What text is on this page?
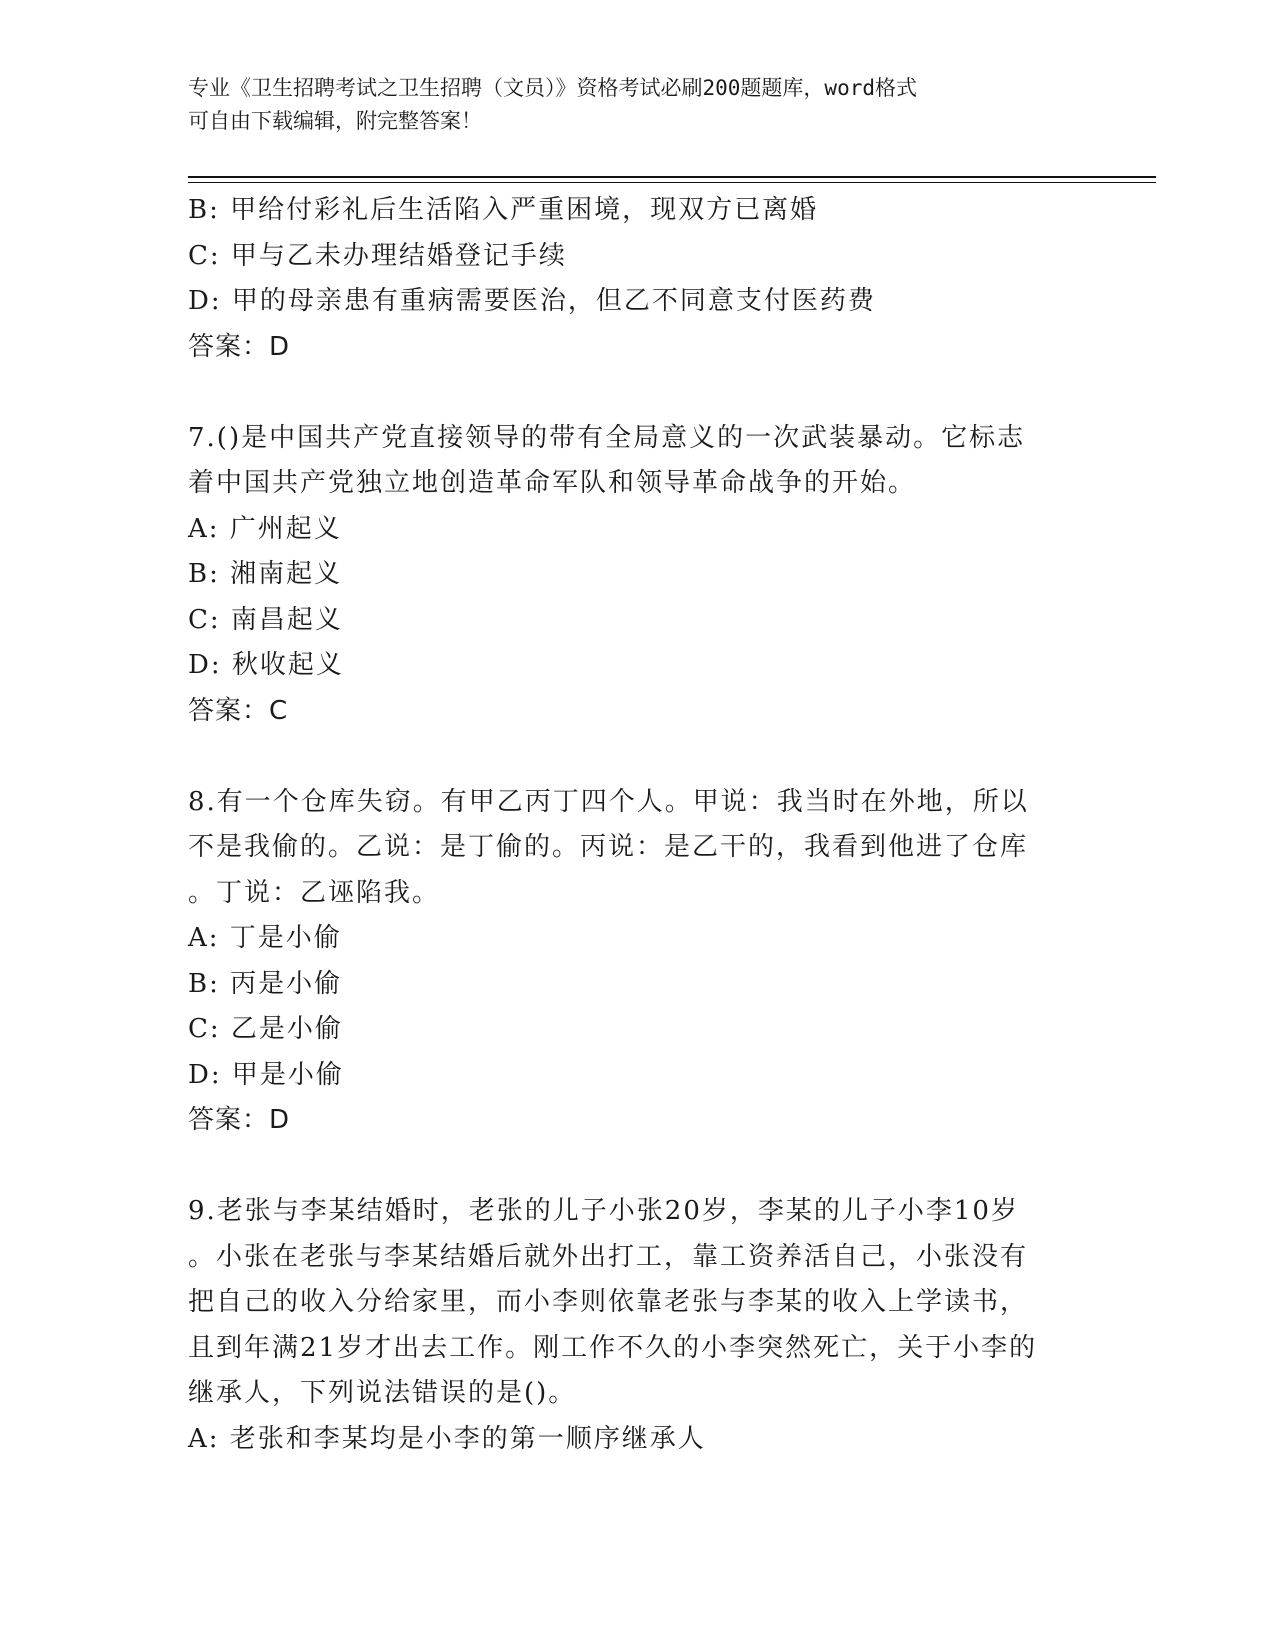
专业《卫生招聘考试之卫生招聘（文员）》资格考试必刷200题题库，word格式
可自由下载编辑，附完整答案！
B: 甲给付彩礼后生活陷入严重困境，现双方已离婚
C: 甲与乙未办理结婚登记手续
D: 甲的母亲患有重病需要医治，但乙不同意支付医药费
答案：D
7.()是中国共产党直接领导的带有全局意义的一次武装暴动。它标志
着中国共产党独立地创造革命军队和领导革命战争的开始。
A: 广州起义
B: 湘南起义
C: 南昌起义
D: 秋收起义
答案：C
8.有一个仓库失窃。有甲乙丙丁四个人。甲说：我当时在外地，所以
不是我偷的。乙说：是丁偷的。丙说：是乙干的，我看到他进了仓库
。丁说：乙诬陷我。
A: 丁是小偷
B: 丙是小偷
C: 乙是小偷
D: 甲是小偷
答案：D
9.老张与李某结婚时，老张的儿子小张20岁，李某的儿子小李10岁
。小张在老张与李某结婚后就外出打工，靠工资养活自己，小张没有
把自己的收入分给家里，而小李则依靠老张与李某的收入上学读书，
且到年满21岁才出去工作。刚工作不久的小李突然死亡，关于小李的
继承人，下列说法错误的是()。
A: 老张和李某均是小李的第一顺序继承人
